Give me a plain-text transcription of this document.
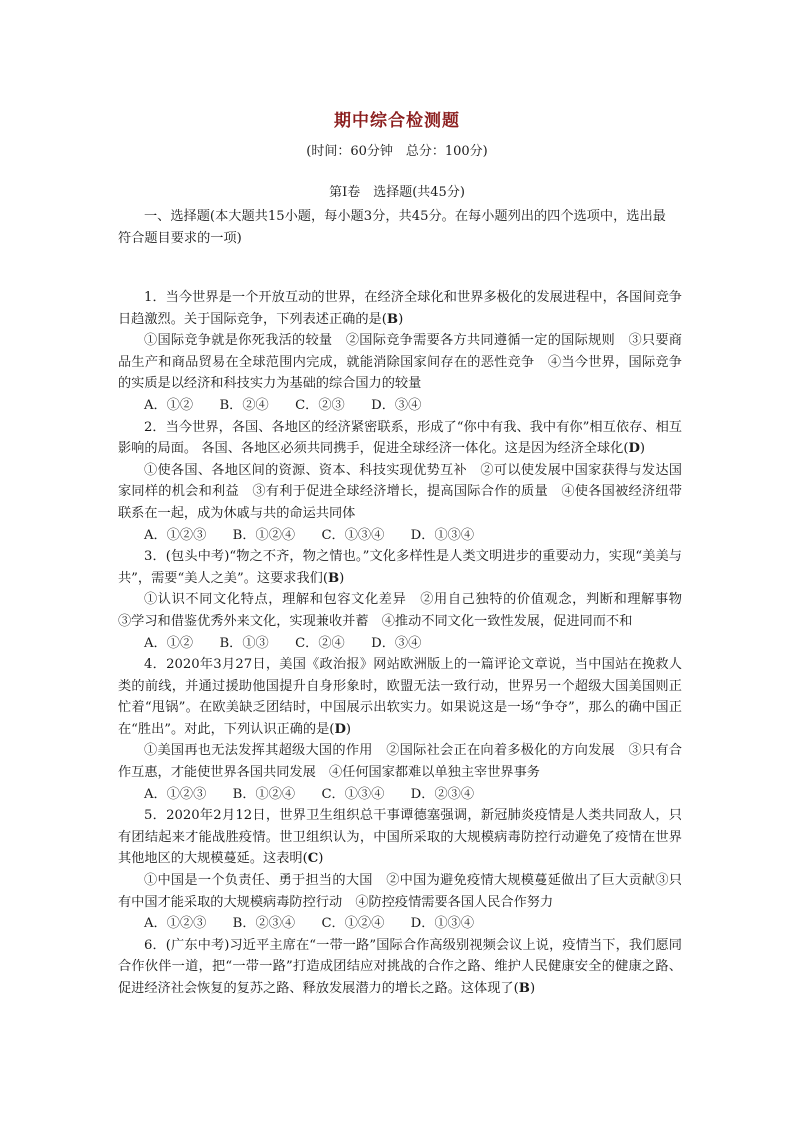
期中综合检测题
(时间：60分钟　总分：100分)
第Ⅰ卷　选择题(共45分)
一、选择题(本大题共15小题，每小题3分，共45分。在每小题列出的四个选项中，选出最符合题目要求的一项)

1．当今世界是一个开放互动的世界，在经济全球化和世界多极化的发展进程中，各国间竞争日趋激烈。关于国际竞争，下列表述正确的是(B)

①国际竞争就是你死我活的较量　②国际竞争需要各方共同遵循一定的国际规则　③只要商品生产和商品贸易在全球范围内完成，就能消除国家间存在的恶性竞争　④当今世界，国际竞争的实质是以经济和科技实力为基础的综合国力的较量

A．①②　　B．②④　　C．②③　　D．③④

2．当今世界，各国、各地区的经济紧密联系，形成了“你中有我、我中有你”相互依存、相互影响的局面。 各国、各地区必须共同携手，促进全球经济一体化。这是因为经济全球化(D)

①使各国、各地区间的资源、资本、科技实现优势互补　②可以使发展中国家获得与发达国家同样的机会和利益　③有利于促进全球经济增长，提高国际合作的质量　④使各国被经济纽带联系在一起，成为休戚与共的命运共同体

A．①②③　　B．①②④　　C．①③④　　D．①③④

3．(包头中考)“物之不齐，物之情也。”文化多样性是人类文明进步的重要动力，实现“美美与共”，需要“美人之美”。这要求我们(B)

①认识不同文化特点，理解和包容文化差异　②用自己独特的价值观念，判断和理解事物　③学习和借鉴优秀外来文化，实现兼收并蓄　④推动不同文化一致性发展，促进同而不和

A．①②　　B．①③　　C．②④　　D．③④

4．2020年3月27日，美国《政治报》网站欧洲版上的一篇评论文章说，当中国站在挽救人类的前线，并通过援助他国提升自身形象时，欧盟无法一致行动，世界另一个超级大国美国则正忙着“甩锅”。在欧美缺乏团结时，中国展示出软实力。如果说这是一场“争夺”，那么的确中国正在“胜出”。对此，下列认识正确的是(D)

①美国再也无法发挥其超级大国的作用　②国际社会正在向着多极化的方向发展　③只有合作互惠，才能使世界各国共同发展　④任何国家都难以单独主宰世界事务

A．①②③　　B．①②④　　C．①③④　　D．②③④

5．2020年2月12日，世界卫生组织总干事谭德塞强调，新冠肺炎疫情是人类共同敌人，只有团结起来才能战胜疫情。世卫组织认为，中国所采取的大规模病毒防控行动避免了疫情在世界其他地区的大规模蔓延。这表明(C)

①中国是一个负责任、勇于担当的大国　②中国为避免疫情大规模蔓延做出了巨大贡献③只有中国才能采取的大规模病毒防控行动　④防控疫情需要各国人民合作努力

A．①②③　　B．②③④　　C．①②④　　D．①③④

6．(广东中考)习近平主席在“一带一路”国际合作高级别视频会议上说，疫情当下，我们愿同合作伙伴一道，把“一带一路”打造成团结应对挑战的合作之路、维护人民健康安全的健康之路、促进经济社会恢复的复苏之路、释放发展潜力的增长之路。这体现了(B)
